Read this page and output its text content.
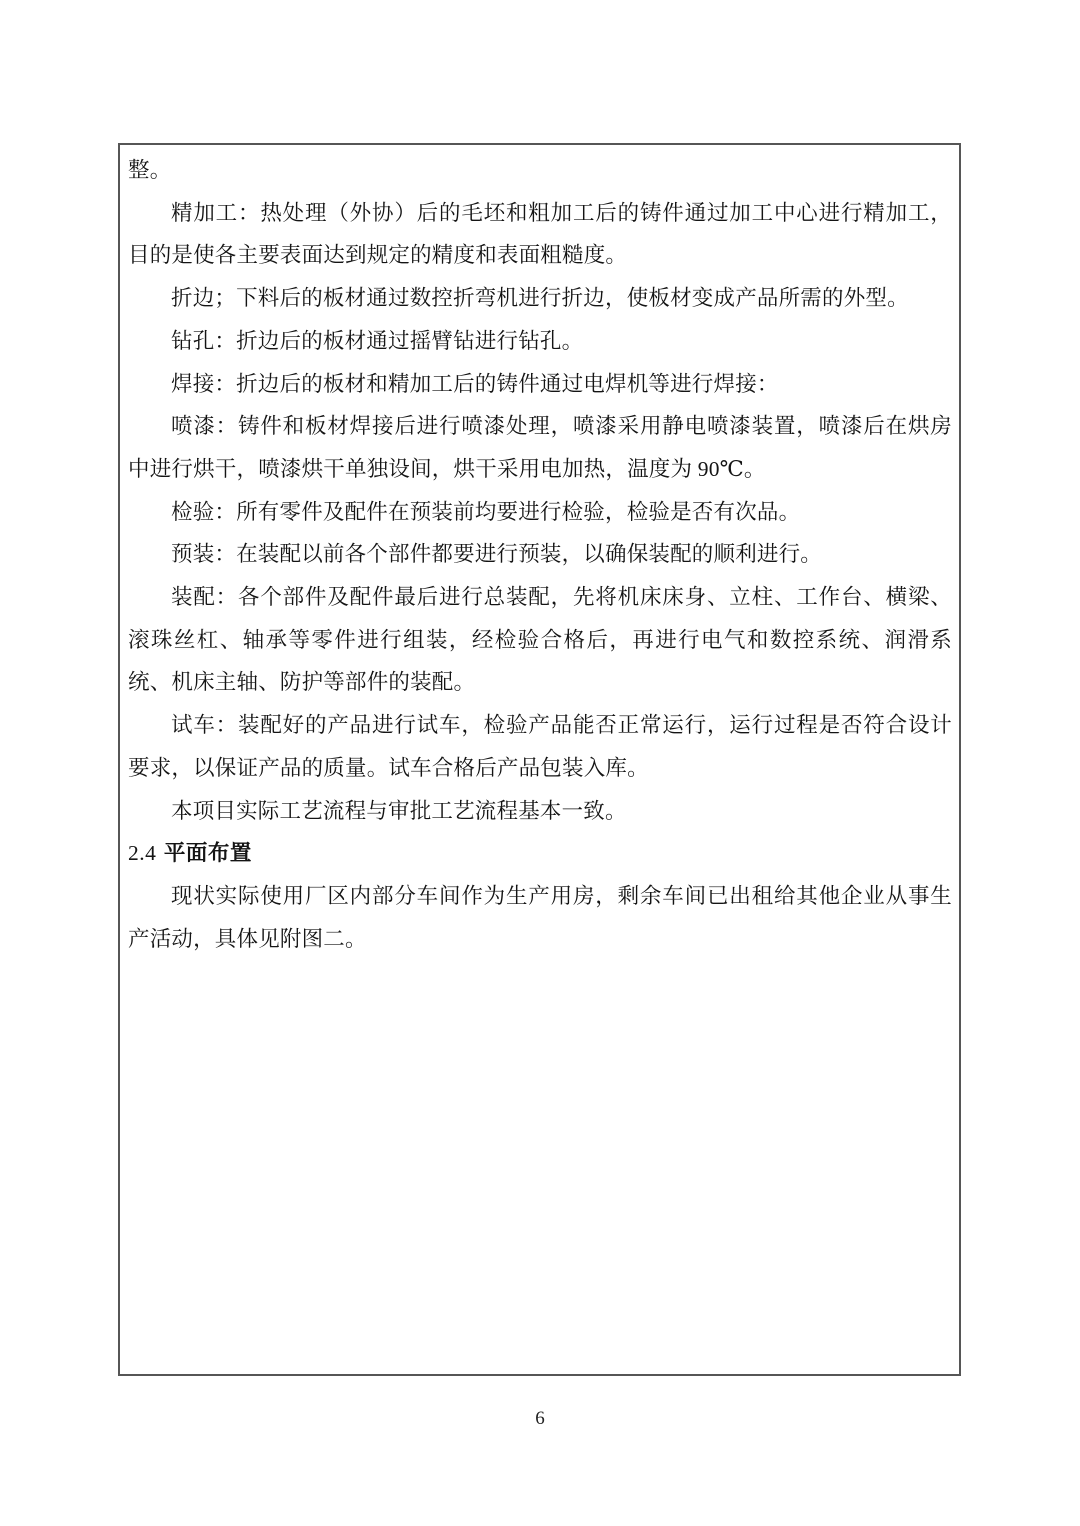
整。

精加工：热处理（外协）后的毛坯和粗加工后的铸件通过加工中心进行精加工，目的是使各主要表面达到规定的精度和表面粗糙度。

折边；下料后的板材通过数控折弯机进行折边，使板材变成产品所需的外型。

钻孔：折边后的板材通过摇臂钻进行钻孔。

焊接：折边后的板材和精加工后的铸件通过电焊机等进行焊接：

喷漆：铸件和板材焊接后进行喷漆处理，喷漆采用静电喷漆装置，喷漆后在烘房中进行烘干，喷漆烘干单独设间，烘干采用电加热，温度为 90℃。

检验：所有零件及配件在预装前均要进行检验，检验是否有次品。

预装：在装配以前各个部件都要进行预装，以确保装配的顺利进行。

装配：各个部件及配件最后进行总装配，先将机床床身、立柱、工作台、横梁、滚珠丝杠、轴承等零件进行组装，经检验合格后，再进行电气和数控系统、润滑系统、机床主轴、防护等部件的装配。

试车：装配好的产品进行试车，检验产品能否正常运行，运行过程是否符合设计要求，以保证产品的质量。试车合格后产品包装入库。

本项目实际工艺流程与审批工艺流程基本一致。

2.4 平面布置

现状实际使用厂区内部分车间作为生产用房，剩余车间已出租给其他企业从事生产活动，具体见附图二。

6
